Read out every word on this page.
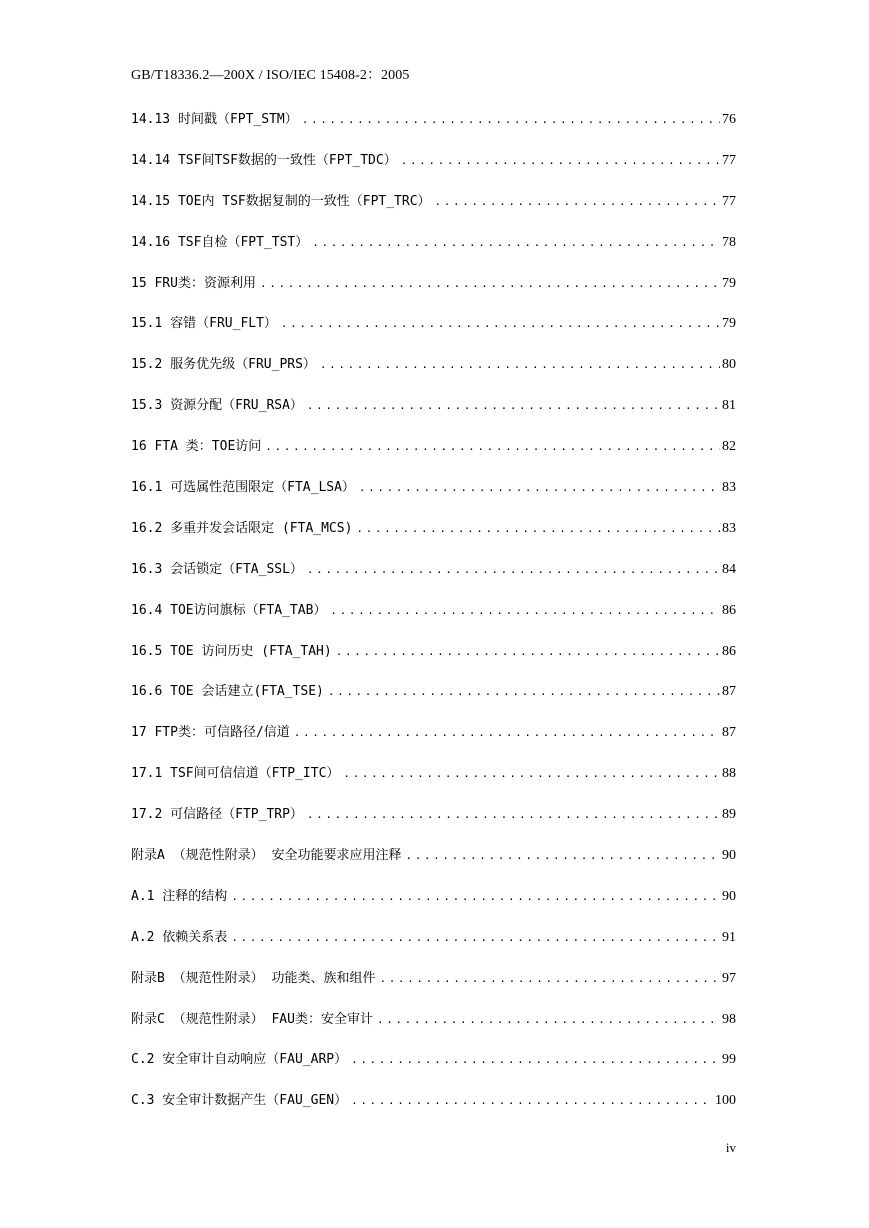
GB/T18336.2—200X / ISO/IEC 15408-2：2005
14.13 时间戳（FPT_STM） .....	76
14.14 TSF间TSF数据的一致性（FPT_TDC） .....	77
14.15 TOE内 TSF数据复制的一致性（FPT_TRC） .....	77
14.16 TSF自检（FPT_TST） .....	78
15 FRU类：资源利用 .....	79
15.1 容错（FRU_FLT） .....	79
15.2 服务优先级（FRU_PRS） .....	80
15.3 资源分配（FRU_RSA） .....	81
16 FTA 类：TOE访问 .....	82
16.1 可选属性范围限定（FTA_LSA） .....	83
16.2 多重并发会话限定 (FTA_MCS) .....	83
16.3 会话锁定（FTA_SSL） .....	84
16.4 TOE访问旗标（FTA_TAB） .....	86
16.5 TOE 访问历史 (FTA_TAH) .....	86
16.6 TOE 会话建立(FTA_TSE) .....	87
17 FTP类：可信路径/信道 .....	87
17.1 TSF间可信信道（FTP_ITC） .....	88
17.2 可信路径（FTP_TRP） .....	89
附录A （规范性附录） 安全功能要求应用注释 .....	90
A.1 注释的结构 .....	90
A.2 依赖关系表 .....	91
附录B （规范性附录） 功能类、族和组件 .....	97
附录C （规范性附录） FAU类：安全审计 .....	98
C.2 安全审计自动响应（FAU_ARP） .....	99
C.3 安全审计数据产生（FAU_GEN） .....	100
iv
